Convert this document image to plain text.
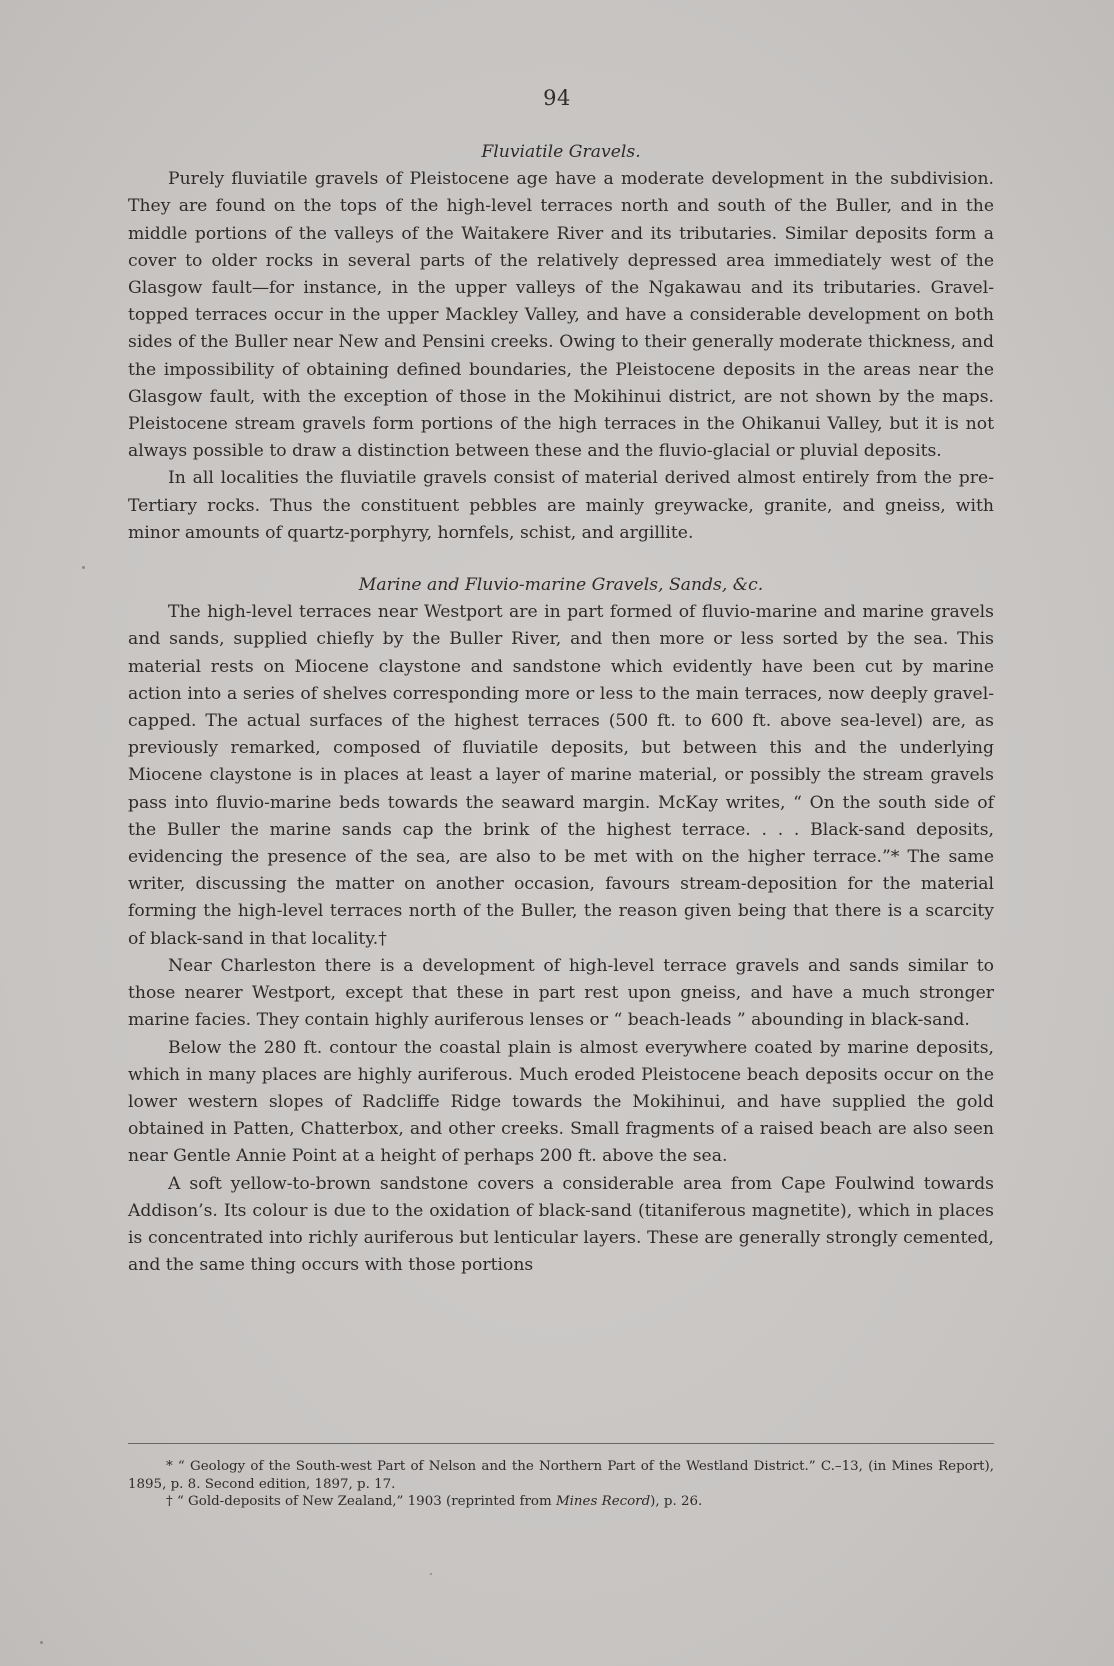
94

Fluviatile Gravels.

Purely fluviatile gravels of Pleistocene age have a moderate development in the subdivision. They are found on the tops of the high-level terraces north and south of the Buller, and in the middle portions of the valleys of the Waitakere River and its tributaries. Similar deposits form a cover to older rocks in several parts of the relatively depressed area immediately west of the Glasgow fault—for instance, in the upper valleys of the Ngakawau and its tributaries. Gravel-topped terraces occur in the upper Mackley Valley, and have a considerable development on both sides of the Buller near New and Pensini creeks. Owing to their generally moderate thickness, and the impossibility of obtaining defined boundaries, the Pleistocene deposits in the areas near the Glasgow fault, with the exception of those in the Mokihinui district, are not shown by the maps. Pleistocene stream gravels form portions of the high terraces in the Ohikanui Valley, but it is not always possible to draw a distinction between these and the fluvio-glacial or pluvial deposits.

In all localities the fluviatile gravels consist of material derived almost entirely from the pre-Tertiary rocks. Thus the constituent pebbles are mainly greywacke, granite, and gneiss, with minor amounts of quartz-porphyry, hornfels, schist, and argillite.

Marine and Fluvio-marine Gravels, Sands, &c.

The high-level terraces near Westport are in part formed of fluvio-marine and marine gravels and sands, supplied chiefly by the Buller River, and then more or less sorted by the sea. This material rests on Miocene claystone and sandstone which evidently have been cut by marine action into a series of shelves corresponding more or less to the main terraces, now deeply gravel-capped. The actual surfaces of the highest terraces (500 ft. to 600 ft. above sea-level) are, as previously remarked, composed of fluviatile deposits, but between this and the underlying Miocene claystone is in places at least a layer of marine material, or possibly the stream gravels pass into fluvio-marine beds towards the seaward margin. McKay writes, “ On the south side of the Buller the marine sands cap the brink of the highest terrace. . . . Black-sand deposits, evidencing the presence of the sea, are also to be met with on the higher terrace.”* The same writer, discussing the matter on another occasion, favours stream-deposition for the material forming the high-level terraces north of the Buller, the reason given being that there is a scarcity of black-sand in that locality.†

Near Charleston there is a development of high-level terrace gravels and sands similar to those nearer Westport, except that these in part rest upon gneiss, and have a much stronger marine facies. They contain highly auriferous lenses or “ beach-leads ” abounding in black-sand.

Below the 280 ft. contour the coastal plain is almost everywhere coated by marine deposits, which in many places are highly auriferous. Much eroded Pleistocene beach deposits occur on the lower western slopes of Radcliffe Ridge towards the Mokihinui, and have supplied the gold obtained in Patten, Chatterbox, and other creeks. Small fragments of a raised beach are also seen near Gentle Annie Point at a height of perhaps 200 ft. above the sea.

A soft yellow-to-brown sandstone covers a considerable area from Cape Foulwind towards Addison’s. Its colour is due to the oxidation of black-sand (titaniferous magnetite), which in places is concentrated into richly auriferous but lenticular layers. These are generally strongly cemented, and the same thing occurs with those portions

* “ Geology of the South-west Part of Nelson and the Northern Part of the Westland District.” C.–13, (in Mines Report), 1895, p. 8. Second edition, 1897, p. 17.

† “ Gold-deposits of New Zealand,” 1903 (reprinted from Mines Record), p. 26.
